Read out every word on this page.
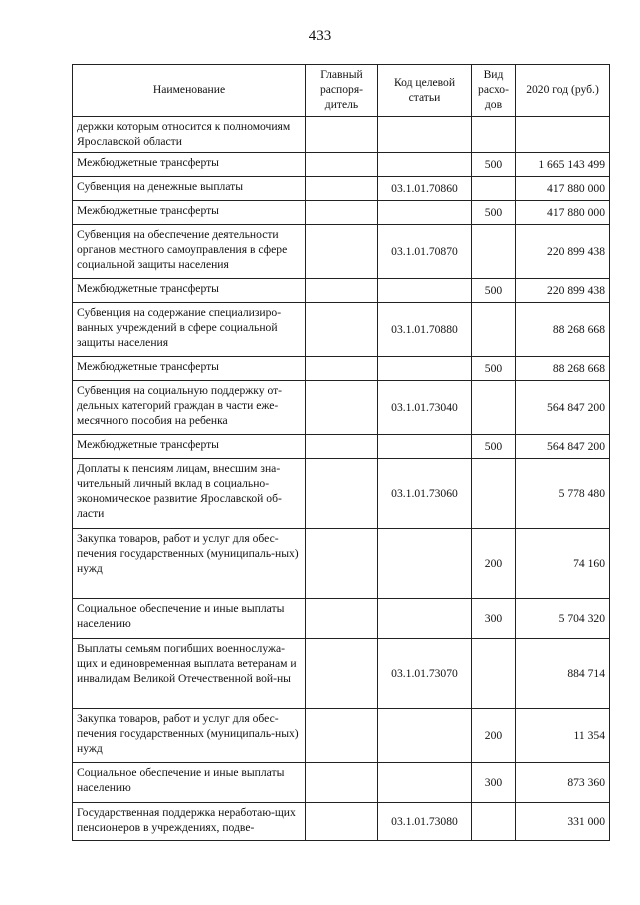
433
Наименование	Главный распоря-дитель	Код целевой статьи	Вид расхо-дов	2020 год (руб.)
держки которым относится к полномочиям Ярославской области				
Межбюджетные трансферты			500	1 665 143 499
Субвенция на денежные выплаты		03.1.01.70860		417 880 000
Межбюджетные трансферты			500	417 880 000
Субвенция на обеспечение деятельности органов местного самоуправления в сфере социальной защиты населения		03.1.01.70870		220 899 438
Межбюджетные трансферты			500	220 899 438
Субвенция на содержание специализиро-ванных учреждений в сфере социальной защиты населения		03.1.01.70880		88 268 668
Межбюджетные трансферты			500	88 268 668
Субвенция на социальную поддержку от-дельных категорий граждан в части еже-месячного пособия на ребенка		03.1.01.73040		564 847 200
Межбюджетные трансферты			500	564 847 200
Доплаты к пенсиям лицам, внесшим зна-чительный личный вклад в социально-экономическое развитие Ярославской об-ласти		03.1.01.73060		5 778 480
Закупка товаров, работ и услуг для обес-печения государственных (муниципаль-ных) нужд			200	74 160
Социальное обеспечение и иные выплаты населению			300	5 704 320
Выплаты семьям погибших военнослужа-щих и единовременная выплата ветеранам и инвалидам Великой Отечественной вой-ны		03.1.01.73070		884 714
Закупка товаров, работ и услуг для обес-печения государственных (муниципаль-ных) нужд			200	11 354
Социальное обеспечение и иные выплаты населению			300	873 360
Государственная поддержка неработаю-щих пенсионеров в учреждениях, подве-		03.1.01.73080		331 000
